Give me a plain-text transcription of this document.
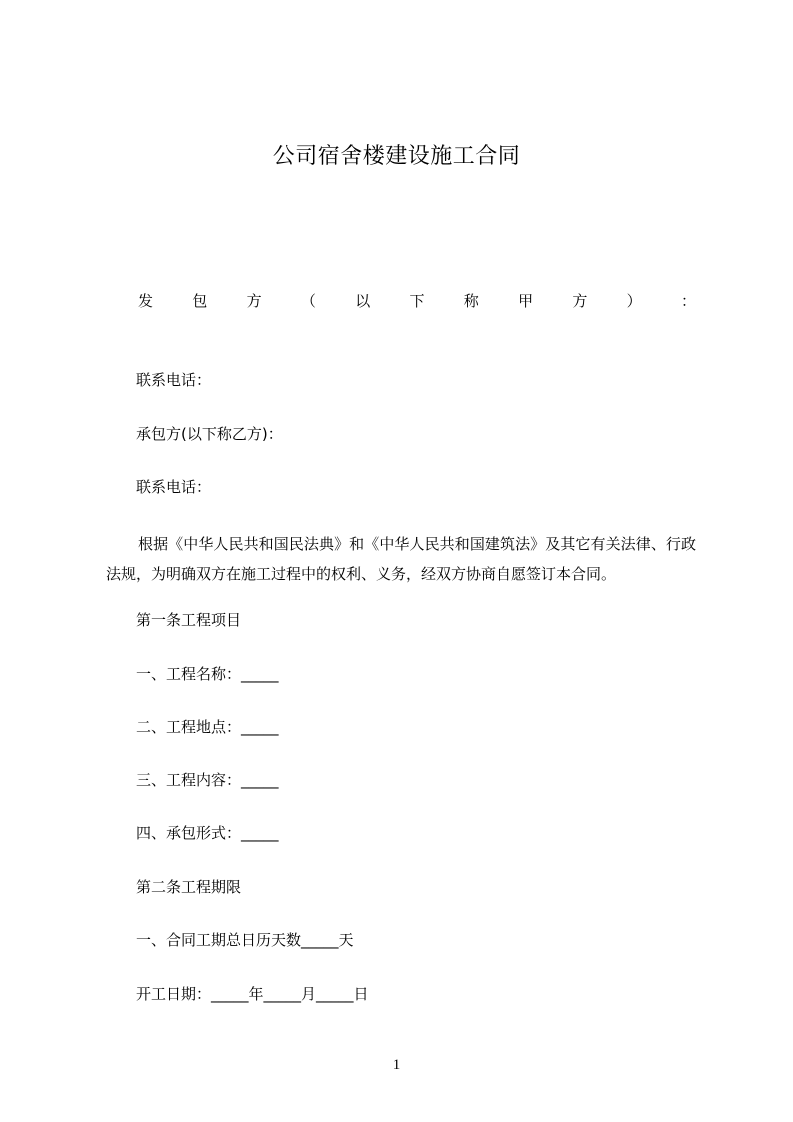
公司宿舍楼建设施工合同
发	包	方	（	以	下	称	甲	方	）	：
联系电话：
承包方(以下称乙方)：
联系电话：
根据《中华人民共和国民法典》和《中华人民共和国建筑法》及其它有关法律、行政法规，为明确双方在施工过程中的权利、义务，经双方协商自愿签订本合同。
第一条工程项目
一、工程名称：_____
二、工程地点：_____
三、工程内容：_____
四、承包形式：_____
第二条工程期限
一、合同工期总日历天数_____天
开工日期：_____年_____月_____日
1
